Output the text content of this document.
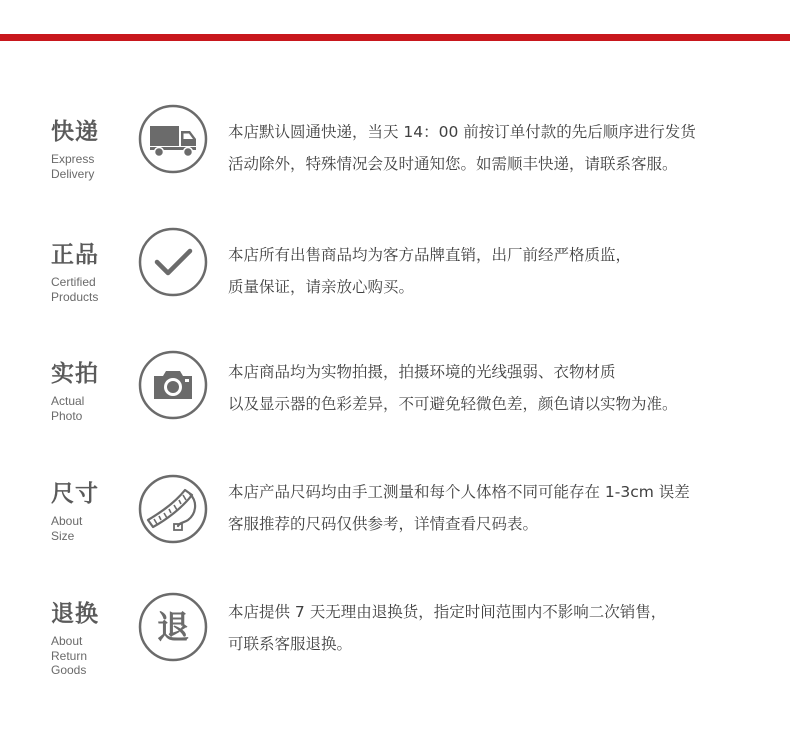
快递
Express
Delivery
本店默认圆通快递，当天 14：00 前按订单付款的先后顺序进行发货
活动除外，特殊情况会及时通知您。如需顺丰快递，请联系客服。
正品
Certified
Products
本店所有出售商品均为客方品牌直销，出厂前经严格质监，
质量保证，请亲放心购买。
实拍
Actual
Photo
本店商品均为实物拍摄，拍摄环境的光线强弱、衣物材质
以及显示器的色彩差异，不可避免轻微色差，颜色请以实物为准。
尺寸
About
Size
本店产品尺码均由手工测量和每个人体格不同可能存在 1-3cm 误差
客服推荐的尺码仅供参考，详情查看尺码表。
退换
About
Return
Goods
退	本店提供 7 天无理由退换货，指定时间范围内不影响二次销售，
可联系客服退换。
